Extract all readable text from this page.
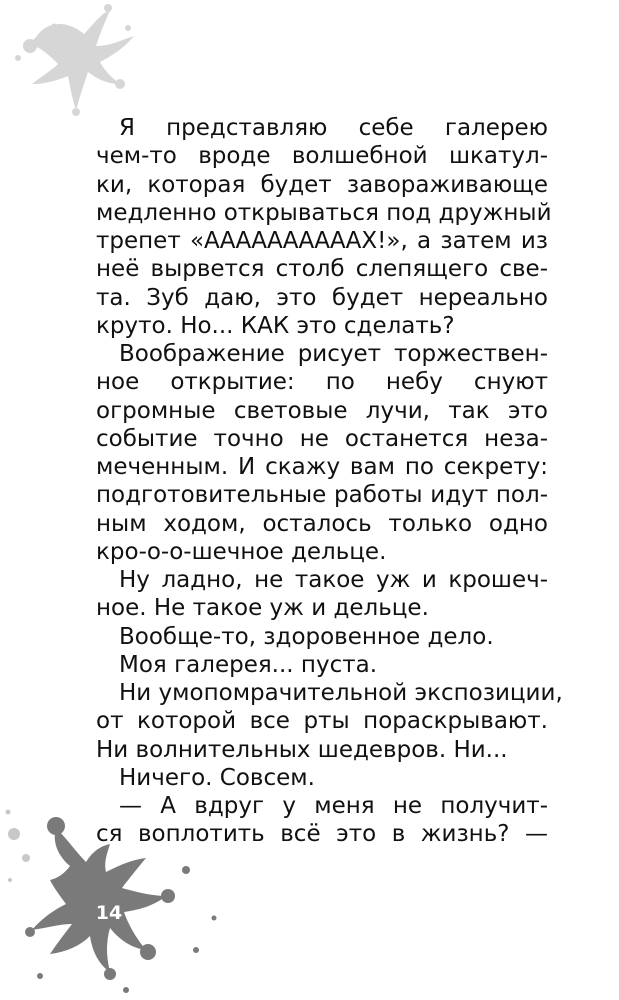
14
Я представляю себе галерею
чем-то вроде волшебной шкатул-
ки, которая будет завораживающе
медленно открываться под дружный
трепет «ААААААААААХ!», а затем из
неё вырвется столб слепящего све-
та. Зуб даю, это будет нереально
круто. Но... КАК это сделать?
Воображение рисует торжествен-
ное открытие: по небу снуют
огромные световые лучи, так это
событие точно не останется неза-
меченным. И скажу вам по секрету:
подготовительные работы идут пол-
ным ходом, осталось только одно
кро-о-о-шечное дельце.
Ну ладно, не такое уж и крошеч-
ное. Не такое уж и дельце.
Вообще-то, здоровенное дело.
Моя галерея... пуста.
Ни умопомрачительной экспозиции,
от которой все рты пораскрывают.
Ни волнительных шедевров. Ни...
Ничего. Совсем.
— А вдруг у меня не получит-
ся воплотить всё это в жизнь? —
